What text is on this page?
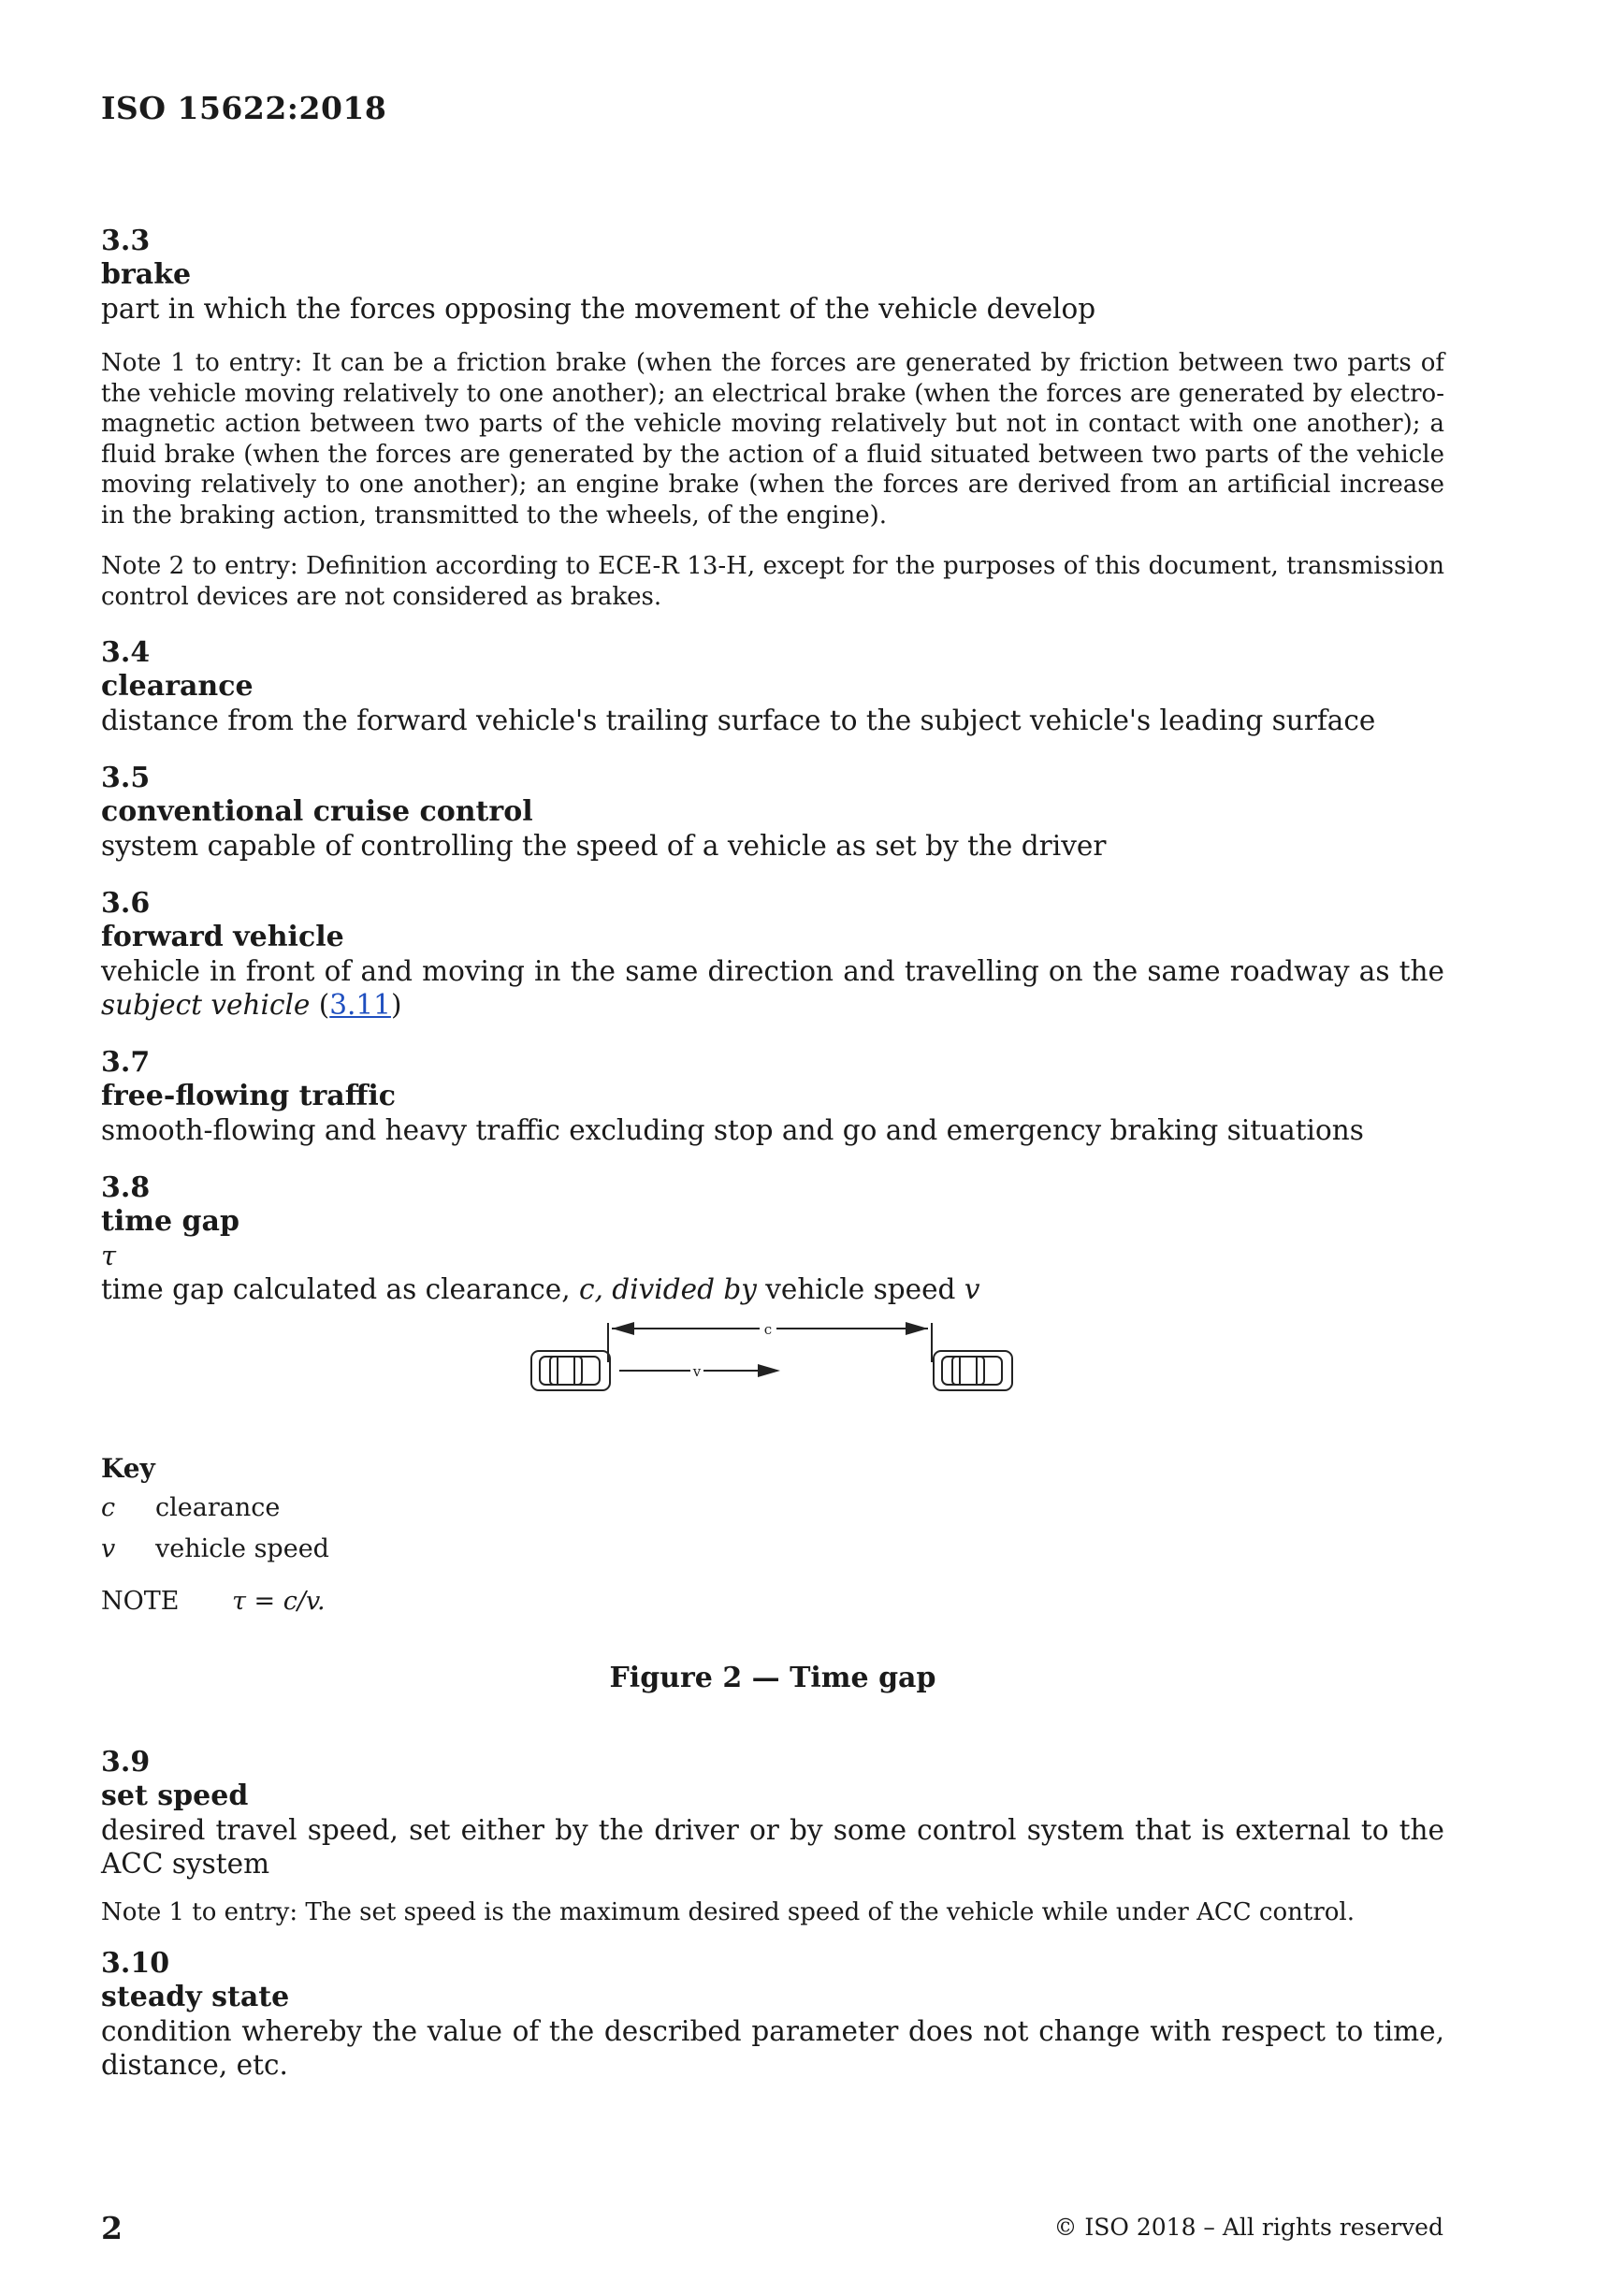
ISO 15622:2018
3.3
brake
part in which the forces opposing the movement of the vehicle develop
Note 1 to entry: It can be a friction brake (when the forces are generated by friction between two parts of the vehicle moving relatively to one another); an electrical brake (when the forces are generated by electro-magnetic action between two parts of the vehicle moving relatively but not in contact with one another); a fluid brake (when the forces are generated by the action of a fluid situated between two parts of the vehicle moving relatively to one another); an engine brake (when the forces are derived from an artificial increase in the braking action, transmitted to the wheels, of the engine).
Note 2 to entry: Definition according to ECE-R 13-H, except for the purposes of this document, transmission control devices are not considered as brakes.
3.4
clearance
distance from the forward vehicle's trailing surface to the subject vehicle's leading surface
3.5
conventional cruise control
system capable of controlling the speed of a vehicle as set by the driver
3.6
forward vehicle
vehicle in front of and moving in the same direction and travelling on the same roadway as the subject vehicle (3.11)
3.7
free-flowing traffic
smooth-flowing and heavy traffic excluding stop and go and emergency braking situations
3.8
time gap
τ
time gap calculated as clearance, c, divided by vehicle speed v
c
v
Key
c	clearance
v	vehicle speed
NOTE	τ = c/v.
Figure 2 — Time gap
3.9
set speed
desired travel speed, set either by the driver or by some control system that is external to the ACC system
Note 1 to entry: The set speed is the maximum desired speed of the vehicle while under ACC control.
3.10
steady state
condition whereby the value of the described parameter does not change with respect to time, distance, etc.
2	© ISO 2018 – All rights reserved
